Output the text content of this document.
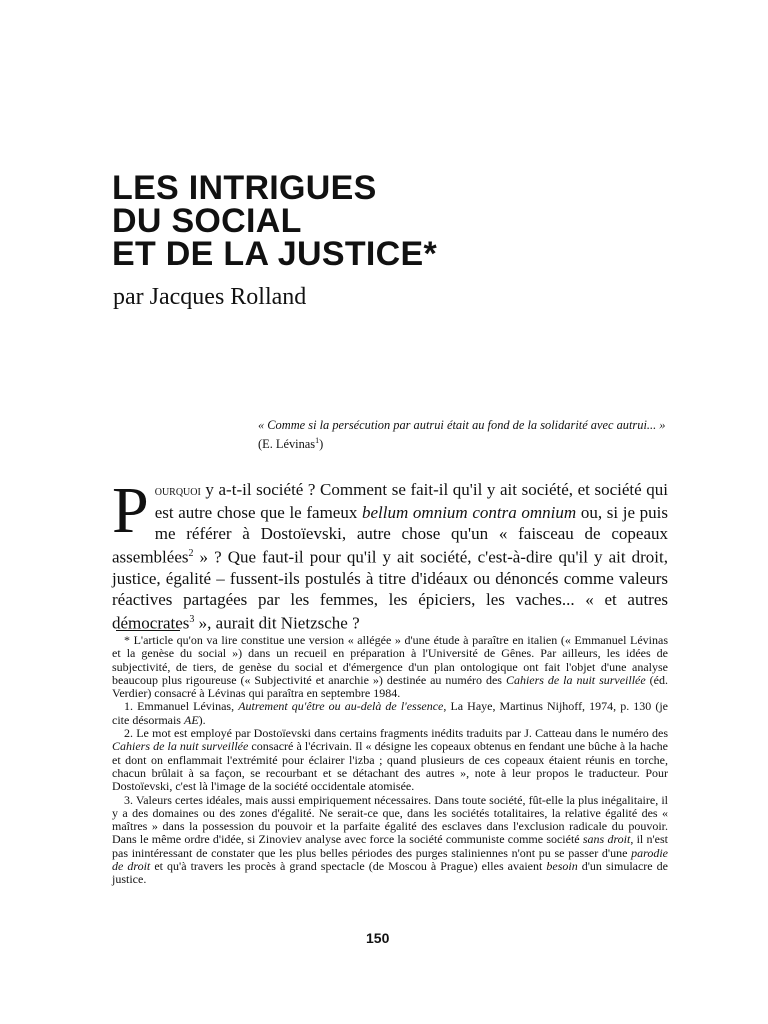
LES INTRIGUES
DU SOCIAL
ET DE LA JUSTICE*

par Jacques Rolland

« Comme si la persécution par autrui était au fond de la solidarité avec autrui... » (E. Lévinas$^1$)

Pourquoi y a-t-il société ? Comment se fait-il qu'il y ait société, et société qui est autre chose que le fameux bellum omnium contra omnium ou, si je puis me référer à Dostoïevski, autre chose qu'un « faisceau de copeaux assemblées$^2$ » ? Que faut-il pour qu'il y ait société, c'est-à-dire qu'il y ait droit, justice, égalité – fussent-ils postulés à titre d'idéaux ou dénoncés comme valeurs réactives partagées par les femmes, les épiciers, les vaches... « et autres démocrates$^3$ », aurait dit Nietzsche ?

* L'article qu'on va lire constitue une version « allégée » d'une étude à paraître en italien (« Emmanuel Lévinas et la genèse du social ») dans un recueil en préparation à l'Université de Gênes. Par ailleurs, les idées de subjectivité, de tiers, de genèse du social et d'émergence d'un plan ontologique ont fait l'objet d'une analyse beaucoup plus rigoureuse (« Subjectivité et anarchie ») destinée au numéro des Cahiers de la nuit surveillée (éd. Verdier) consacré à Lévinas qui paraîtra en septembre 1984.

1. Emmanuel Lévinas, Autrement qu'être ou au-delà de l'essence, La Haye, Martinus Nijhoff, 1974, p. 130 (je cite désormais AE).

2. Le mot est employé par Dostoïevski dans certains fragments inédits traduits par J. Catteau dans le numéro des Cahiers de la nuit surveillée consacré à l'écrivain. Il « désigne les copeaux obtenus en fendant une bûche à la hache et dont on enflammait l'extrémité pour éclairer l'izba ; quand plusieurs de ces copeaux étaient réunis en torche, chacun brûlait à sa façon, se recourbant et se détachant des autres », note à leur propos le traducteur. Pour Dostoïevski, c'est là l'image de la société occidentale atomisée.

3. Valeurs certes idéales, mais aussi empiriquement nécessaires. Dans toute société, fût-elle la plus inégalitaire, il y a des domaines ou des zones d'égalité. Ne serait-ce que, dans les sociétés totalitaires, la relative égalité des « maîtres » dans la possession du pouvoir et la parfaite égalité des esclaves dans l'exclusion radicale du pouvoir. Dans le même ordre d'idée, si Zinoviev analyse avec force la société communiste comme société sans droit, il n'est pas inintéressant de constater que les plus belles périodes des purges staliniennes n'ont pu se passer d'une parodie de droit et qu'à travers les procès à grand spectacle (de Moscou à Prague) elles avaient besoin d'un simulacre de justice.

150
